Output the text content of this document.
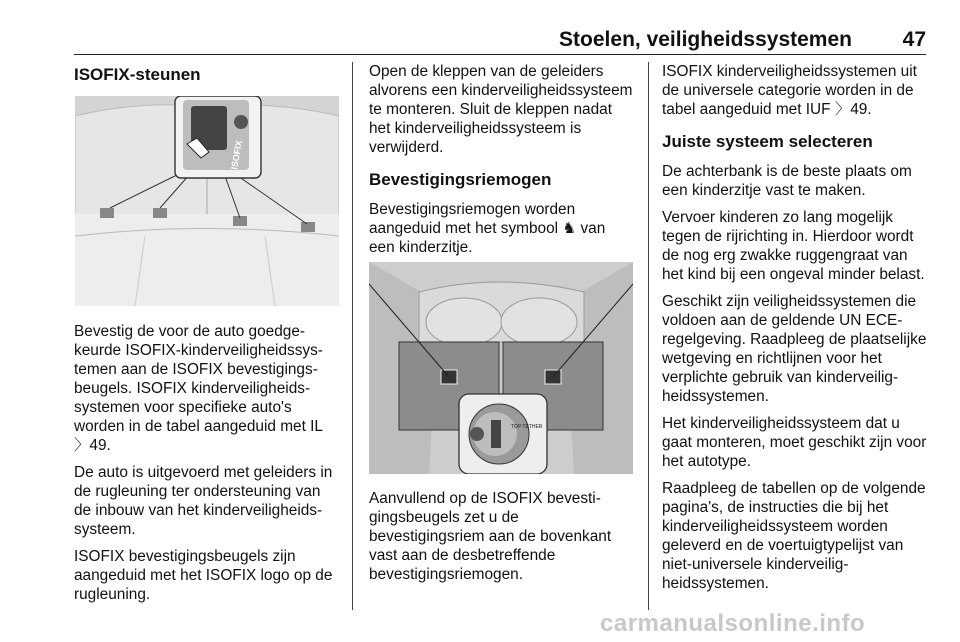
Stoelen, veiligheidssystemen 47
ISOFIX-steunen
ISOFIX

Bevestig de voor de auto goedgekeurde ISOFIX-kinderveiligheidssystemen aan de ISOFIX bevestigingsbeugels. ISOFIX kinderveiligheidssystemen voor specifieke auto's worden in de tabel aangeduid met IL
〉 49.

De auto is uitgevoerd met geleiders in de rugleuning ter ondersteuning van de inbouw van het kinderveiligheidssysteem.

ISOFIX bevestigingsbeugels zijn aangeduid met het ISOFIX logo op de rugleuning.

Open de kleppen van de geleiders alvorens een kinderveiligheidssysteem te monteren. Sluit de kleppen nadat het kinderveiligheidssysteem is verwijderd.

Bevestigingsriemogen

Bevestigingsriemogen worden aangeduid met het symbool ♞ van een kinderzitje.

TOP TETHER

Aanvullend op de ISOFIX bevestigingsbeugels zet u de bevestigingsriem aan de bovenkant vast aan de desbetreffende bevestigingsriemogen.

ISOFIX kinderveiligheidssystemen uit de universele categorie worden in de tabel aangeduid met IUF 〉 49.

Juiste systeem selecteren

De achterbank is de beste plaats om een kinderzitje vast te maken.

Vervoer kinderen zo lang mogelijk tegen de rijrichting in. Hierdoor wordt de nog erg zwakke ruggengraat van het kind bij een ongeval minder belast.

Geschikt zijn veiligheidssystemen die voldoen aan de geldende UN ECE-regelgeving. Raadpleeg de plaatselijke wetgeving en richtlijnen voor het verplichte gebruik van kinderveiligheidssystemen.

Het kinderveiligheidssysteem dat u gaat monteren, moet geschikt zijn voor het autotype.

Raadpleeg de tabellen op de volgende pagina's, de instructies die bij het kinderveiligheidssysteem worden geleverd en de voertuigtypelijst van niet-universele kinderveiligheidssystemen.

carmanualsonline.info
